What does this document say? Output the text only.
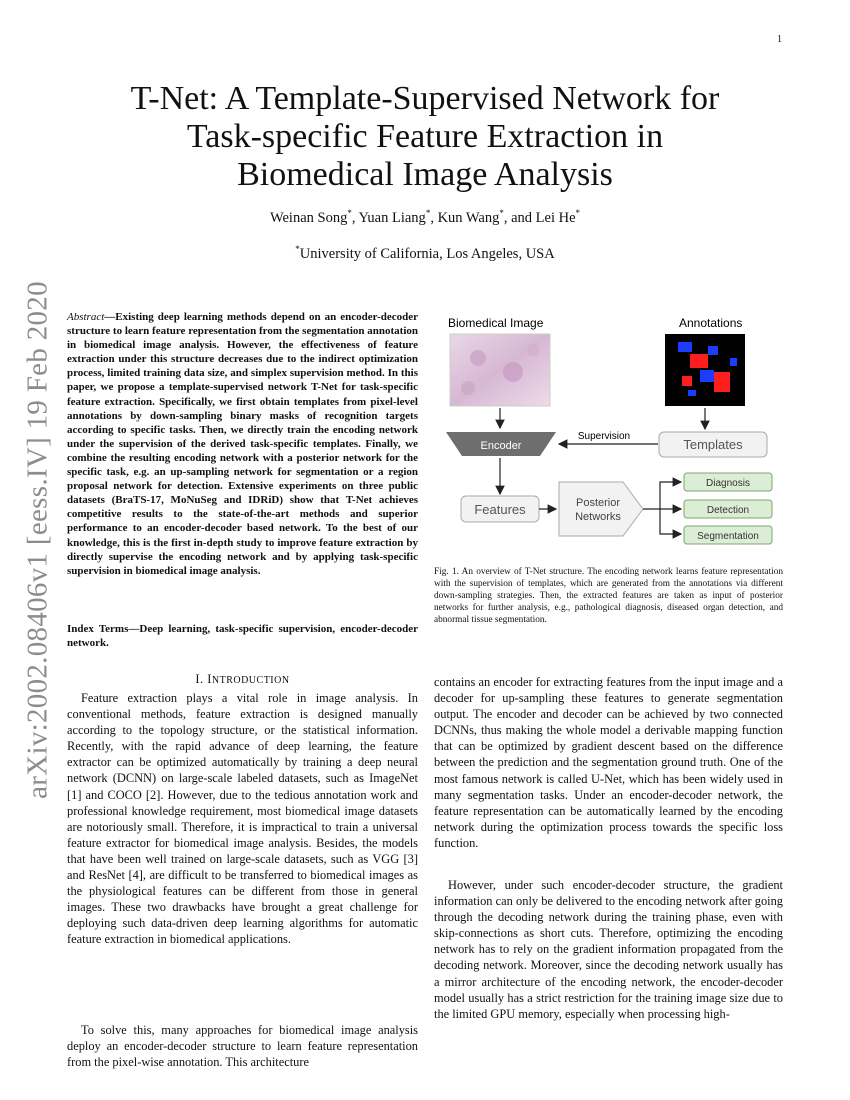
1
arXiv:2002.08406v1 [eess.IV] 19 Feb 2020
T-Net: A Template-Supervised Network for Task-specific Feature Extraction in Biomedical Image Analysis
Weinan Song*, Yuan Liang*, Kun Wang*, and Lei He*
*University of California, Los Angeles, USA
Abstract—Existing deep learning methods depend on an encoder-decoder structure to learn feature representation from the segmentation annotation in biomedical image analysis. However, the effectiveness of feature extraction under this structure decreases due to the indirect optimization process, limited training data size, and simplex supervision method. In this paper, we propose a template-supervised network T-Net for task-specific feature extraction. Specifically, we first obtain templates from pixel-level annotations by down-sampling binary masks of recognition targets according to specific tasks. Then, we directly train the encoding network under the supervision of the derived task-specific templates. Finally, we combine the resulting encoding network with a posterior network for the specific task, e.g. an up-sampling network for segmentation or a region proposal network for detection. Extensive experiments on three public datasets (BraTS-17, MoNuSeg and IDRiD) show that T-Net achieves competitive results to the state-of-the-art methods and superior performance to an encoder-decoder based network. To the best of our knowledge, this is the first in-depth study to improve feature extraction by directly supervise the encoding network and by applying task-specific supervision in biomedical image analysis.
Index Terms—Deep learning, task-specific supervision, encoder-decoder network.
I. INTRODUCTION
Feature extraction plays a vital role in image analysis. In conventional methods, feature extraction is designed manually according to the topology structure, or the statistical information. Recently, with the rapid advance of deep learning, the feature extractor can be optimized automatically by training a deep neural network (DCNN) on large-scale labeled datasets, such as ImageNet [1] and COCO [2]. However, due to the tedious annotation work and professional knowledge requirement, most biomedical image datasets are notoriously small. Therefore, it is impractical to train a universal feature extractor for biomedical image analysis. Besides, the models that have been well trained on large-scale datasets, such as VGG [3] and ResNet [4], are difficult to be transferred to biomedical images as the physiological features can be different from those in general images. These two drawbacks have brought a great challenge for deploying such data-driven deep learning algorithms for automatic feature extraction in biomedical applications.
To solve this, many approaches for biomedical image analysis deploy an encoder-decoder structure to learn feature representation from the pixel-wise annotation. This architecture
Biomedical Image	Annotations
Encoder	Templates
Supervision
Features	Posterior
Networks
Diagnosis
Detection
Segmentation
Fig. 1. An overview of T-Net structure. The encoding network learns feature representation with the supervision of templates, which are generated from the annotations via different down-sampling strategies. Then, the extracted features are taken as input of posterior networks for further analysis, e.g., pathological diagnosis, diseased organ detection, and abnormal tissue segmentation.
contains an encoder for extracting features from the input image and a decoder for up-sampling these features to generate segmentation output. The encoder and decoder can be achieved by two connected DCNNs, thus making the whole model a derivable mapping function that can be optimized by gradient descent based on the difference between the prediction and the segmentation ground truth. One of the most famous network is called U-Net, which has been widely used in many segmentation tasks. Under an encoder-decoder network, the feature representation can be automatically learned by the encoding network during the optimization process towards the specific loss function.
However, under such encoder-decoder structure, the gradient information can only be delivered to the encoding network after going through the decoding network during the training phase, even with skip-connections as short cuts. Therefore, optimizing the encoding network has to rely on the gradient information propagated from the decoding network. Moreover, since the decoding network usually has a mirror architecture of the encoding network, the encoder-decoder model usually has a strict restriction for the training image size due to the limited GPU memory, especially when processing high-
